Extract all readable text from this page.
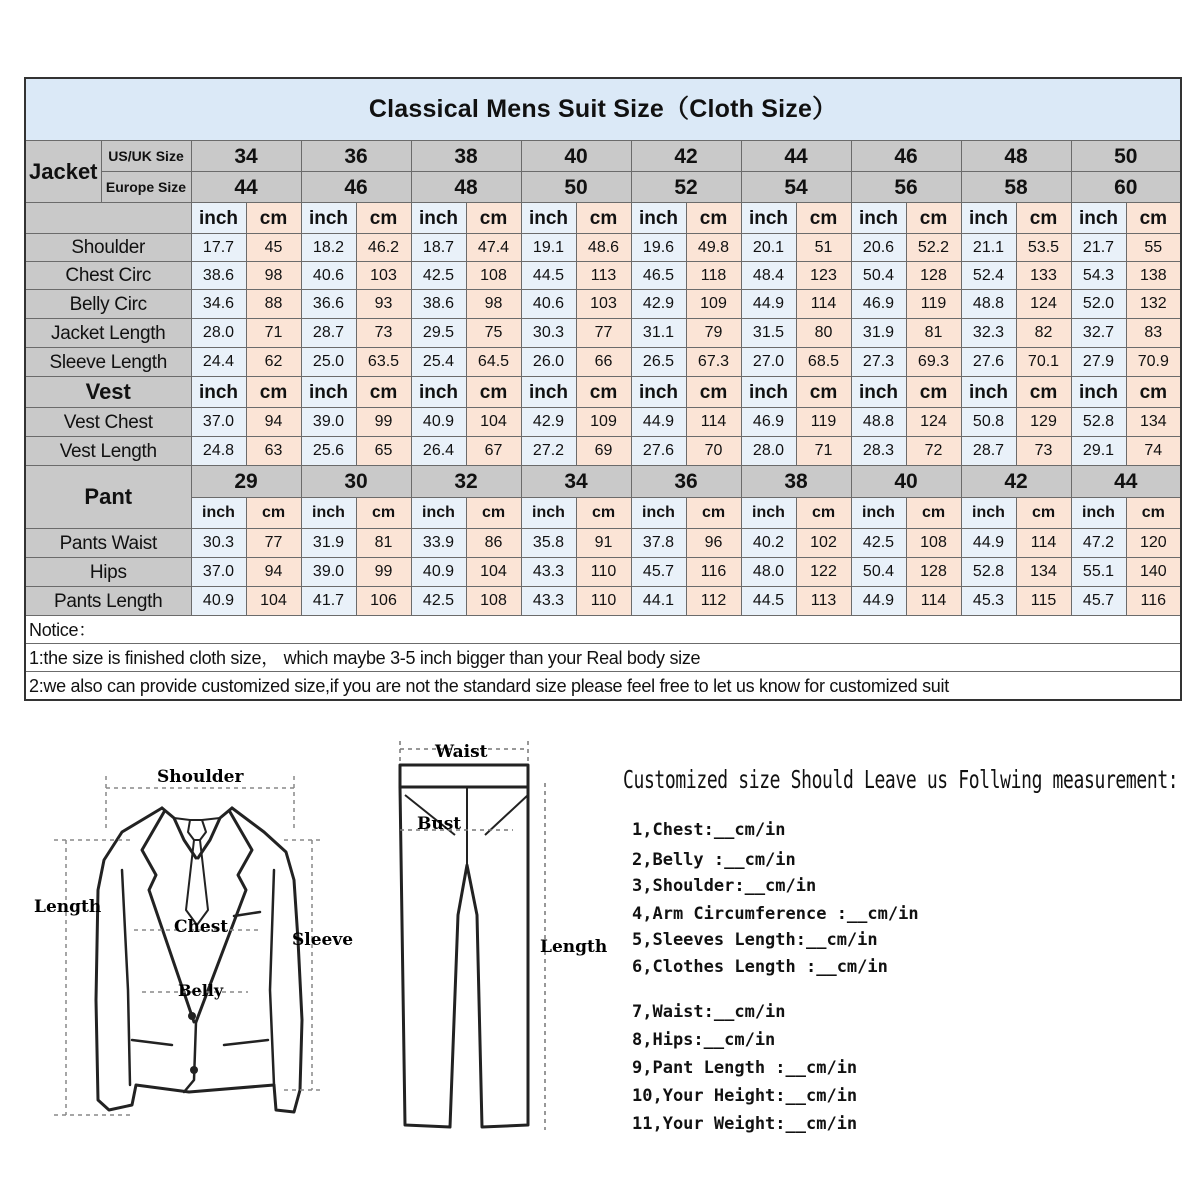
Classical Mens Suit Size（Cloth Size）																			
Jacket	US/UK Size	34		36		38		40		42		44		46		48		50	
	Europe Size	44		46		48		50		52		54		56		58		60	
		inch	cm	inch	cm	inch	cm	inch	cm	inch	cm	inch	cm	inch	cm	inch	cm	inch	cm
Shoulder		17.7	45	18.2	46.2	18.7	47.4	19.1	48.6	19.6	49.8	20.1	51	20.6	52.2	21.1	53.5	21.7	55
Chest Circ		38.6	98	40.6	103	42.5	108	44.5	113	46.5	118	48.4	123	50.4	128	52.4	133	54.3	138
Belly Circ		34.6	88	36.6	93	38.6	98	40.6	103	42.9	109	44.9	114	46.9	119	48.8	124	52.0	132
Jacket Length		28.0	71	28.7	73	29.5	75	30.3	77	31.1	79	31.5	80	31.9	81	32.3	82	32.7	83
Sleeve Length		24.4	62	25.0	63.5	25.4	64.5	26.0	66	26.5	67.3	27.0	68.5	27.3	69.3	27.6	70.1	27.9	70.9
Vest		inch	cm	inch	cm	inch	cm	inch	cm	inch	cm	inch	cm	inch	cm	inch	cm	inch	cm
Vest Chest		37.0	94	39.0	99	40.9	104	42.9	109	44.9	114	46.9	119	48.8	124	50.8	129	52.8	134
Vest Length		24.8	63	25.6	65	26.4	67	27.2	69	27.6	70	28.0	71	28.3	72	28.7	73	29.1	74
Pant		29		30		32		34		36		38		40		42		44	
		inch	cm	inch	cm	inch	cm	inch	cm	inch	cm	inch	cm	inch	cm	inch	cm	inch	cm
Pants Waist		30.3	77	31.9	81	33.9	86	35.8	91	37.8	96	40.2	102	42.5	108	44.9	114	47.2	120
Hips		37.0	94	39.0	99	40.9	104	43.3	110	45.7	116	48.0	122	50.4	128	52.8	134	55.1	140
Pants Length		40.9	104	41.7	106	42.5	108	43.3	110	44.1	112	44.5	113	44.9	114	45.3	115	45.7	116
Notice：																			
1:the size is finished cloth size， which maybe 3-5 inch bigger than your Real body size																			
2:we also can provide customized size,if you are not the standard size please feel free to let us know for customized suit																			
Shoulder
Length
Chest
Sleeve
Belly
Waist
Bust
Length
Customized size Should Leave us Follwing measurement:
1,Chest:__cm/in
2,Belly :__cm/in
3,Shoulder:__cm/in
4,Arm Circumference :__cm/in
5,Sleeves Length:__cm/in
6,Clothes Length :__cm/in
7,Waist:__cm/in
8,Hips:__cm/in
9,Pant Length :__cm/in
10,Your Height:__cm/in
11,Your Weight:__cm/in
